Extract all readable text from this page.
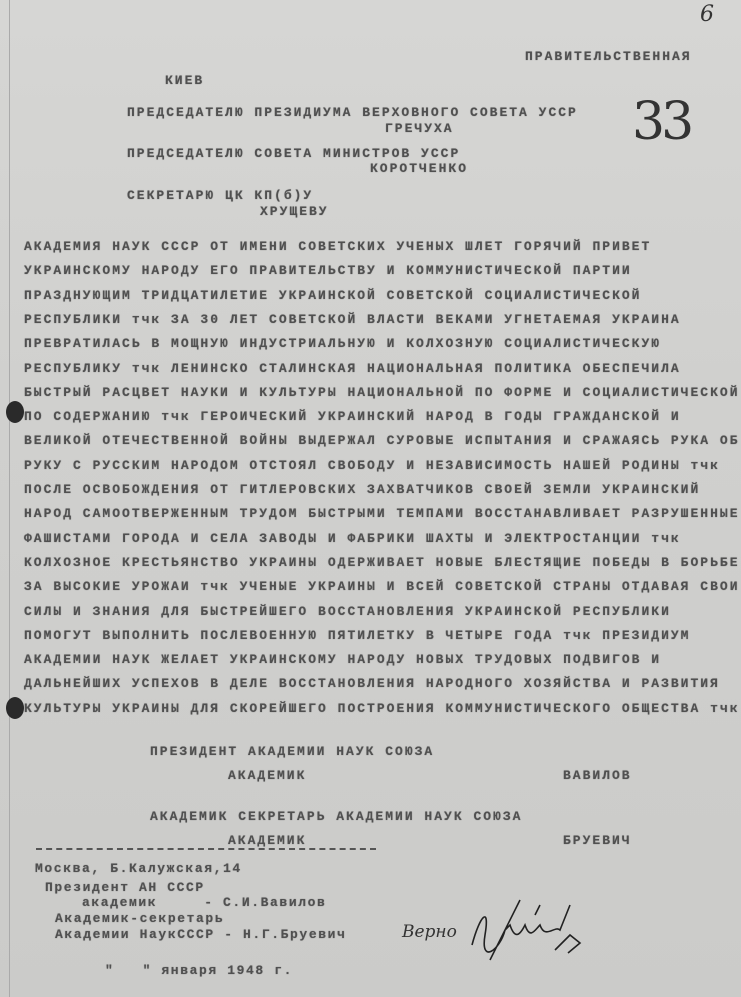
6
33
ПРАВИТЕЛЬСТВЕННАЯ
КИЕВ
ПРЕДСЕДАТЕЛЮ ПРЕЗИДИУМА ВЕРХОВНОГО СОВЕТА УССР
ГРЕЧУХА
ПРЕДСЕДАТЕЛЮ СОВЕТА МИНИСТРОВ УССР
КОРОТЧЕНКО
СЕКРЕТАРЮ ЦК КП(б)У
ХРУЩЕВУ
АКАДЕМИЯ НАУК СССР ОТ ИМЕНИ СОВЕТСКИХ УЧЕНЫХ ШЛЕТ ГОРЯЧИЙ ПРИВЕТ
УКРАИНСКОМУ НАРОДУ ЕГО ПРАВИТЕЛЬСТВУ И КОММУНИСТИЧЕСКОЙ ПАРТИИ
ПРАЗДНУЮЩИМ ТРИДЦАТИЛЕТИЕ УКРАИНСКОЙ СОВЕТСКОЙ СОЦИАЛИСТИЧЕСКОЙ
РЕСПУБЛИКИ тчк ЗА 30 ЛЕТ СОВЕТСКОЙ ВЛАСТИ ВЕКАМИ УГНЕТАЕМАЯ УКРАИНА
ПРЕВРАТИЛАСЬ В МОЩНУЮ ИНДУСТРИАЛЬНУЮ И КОЛХОЗНУЮ СОЦИАЛИСТИЧЕСКУЮ
РЕСПУБЛИКУ тчк ЛЕНИНСКО СТАЛИНСКАЯ НАЦИОНАЛЬНАЯ ПОЛИТИКА ОБЕСПЕЧИЛА
БЫСТРЫЙ РАСЦВЕТ НАУКИ И КУЛЬТУРЫ НАЦИОНАЛЬНОЙ ПО ФОРМЕ И СОЦИАЛИСТИЧЕСКОЙ
ПО СОДЕРЖАНИЮ тчк ГЕРОИЧЕСКИЙ УКРАИНСКИЙ НАРОД В ГОДЫ ГРАЖДАНСКОЙ И
ВЕЛИКОЙ ОТЕЧЕСТВЕННОЙ ВОЙНЫ ВЫДЕРЖАЛ СУРОВЫЕ ИСПЫТАНИЯ И СРАЖАЯСЬ РУКА ОБ
РУКУ С РУССКИМ НАРОДОМ ОТСТОЯЛ СВОБОДУ И НЕЗАВИСИМОСТЬ НАШЕЙ РОДИНЫ тчк
ПОСЛЕ ОСВОБОЖДЕНИЯ ОТ ГИТЛЕРОВСКИХ ЗАХВАТЧИКОВ СВОЕЙ ЗЕМЛИ УКРАИНСКИЙ
НАРОД САМООТВЕРЖЕННЫМ ТРУДОМ БЫСТРЫМИ ТЕМПАМИ ВОССТАНАВЛИВАЕТ РАЗРУШЕННЫЕ
ФАШИСТАМИ ГОРОДА И СЕЛА ЗАВОДЫ И ФАБРИКИ ШАХТЫ И ЭЛЕКТРОСТАНЦИИ тчк
КОЛХОЗНОЕ КРЕСТЬЯНСТВО УКРАИНЫ ОДЕРЖИВАЕТ НОВЫЕ БЛЕСТЯЩИЕ ПОБЕДЫ В БОРЬБЕ
ЗА ВЫСОКИЕ УРОЖАИ тчк УЧЕНЫЕ УКРАИНЫ И ВСЕЙ СОВЕТСКОЙ СТРАНЫ ОТДАВАЯ СВОИ
СИЛЫ И ЗНАНИЯ ДЛЯ БЫСТРЕЙШЕГО ВОССТАНОВЛЕНИЯ УКРАИНСКОЙ РЕСПУБЛИКИ
ПОМОГУТ ВЫПОЛНИТЬ ПОСЛЕВОЕННУЮ ПЯТИЛЕТКУ В ЧЕТЫРЕ ГОДА тчк ПРЕЗИДИУМ
АКАДЕМИИ НАУК ЖЕЛАЕТ УКРАИНСКОМУ НАРОДУ НОВЫХ ТРУДОВЫХ ПОДВИГОВ И
ДАЛЬНЕЙШИХ УСПЕХОВ В ДЕЛЕ ВОССТАНОВЛЕНИЯ НАРОДНОГО ХОЗЯЙСТВА И РАЗВИТИЯ
КУЛЬТУРЫ УКРАИНЫ ДЛЯ СКОРЕЙШЕГО ПОСТРОЕНИЯ КОММУНИСТИЧЕСКОГО ОБЩЕСТВА тчк
ПРЕЗИДЕНТ АКАДЕМИИ НАУК СОЮЗА
АКАДЕМИК	ВАВИЛОВ
АКАДЕМИК СЕКРЕТАРЬ АКАДЕМИИ НАУК СОЮЗА
АКАДЕМИК	БРУЕВИЧ
Москва, Б.Калужская,14
Президент АН СССР
академик     - С.И.Вавилов
Академик-секретарь
Академии НаукСССР - Н.Г.Бруевич
"   " января 1948 г.
Верно
